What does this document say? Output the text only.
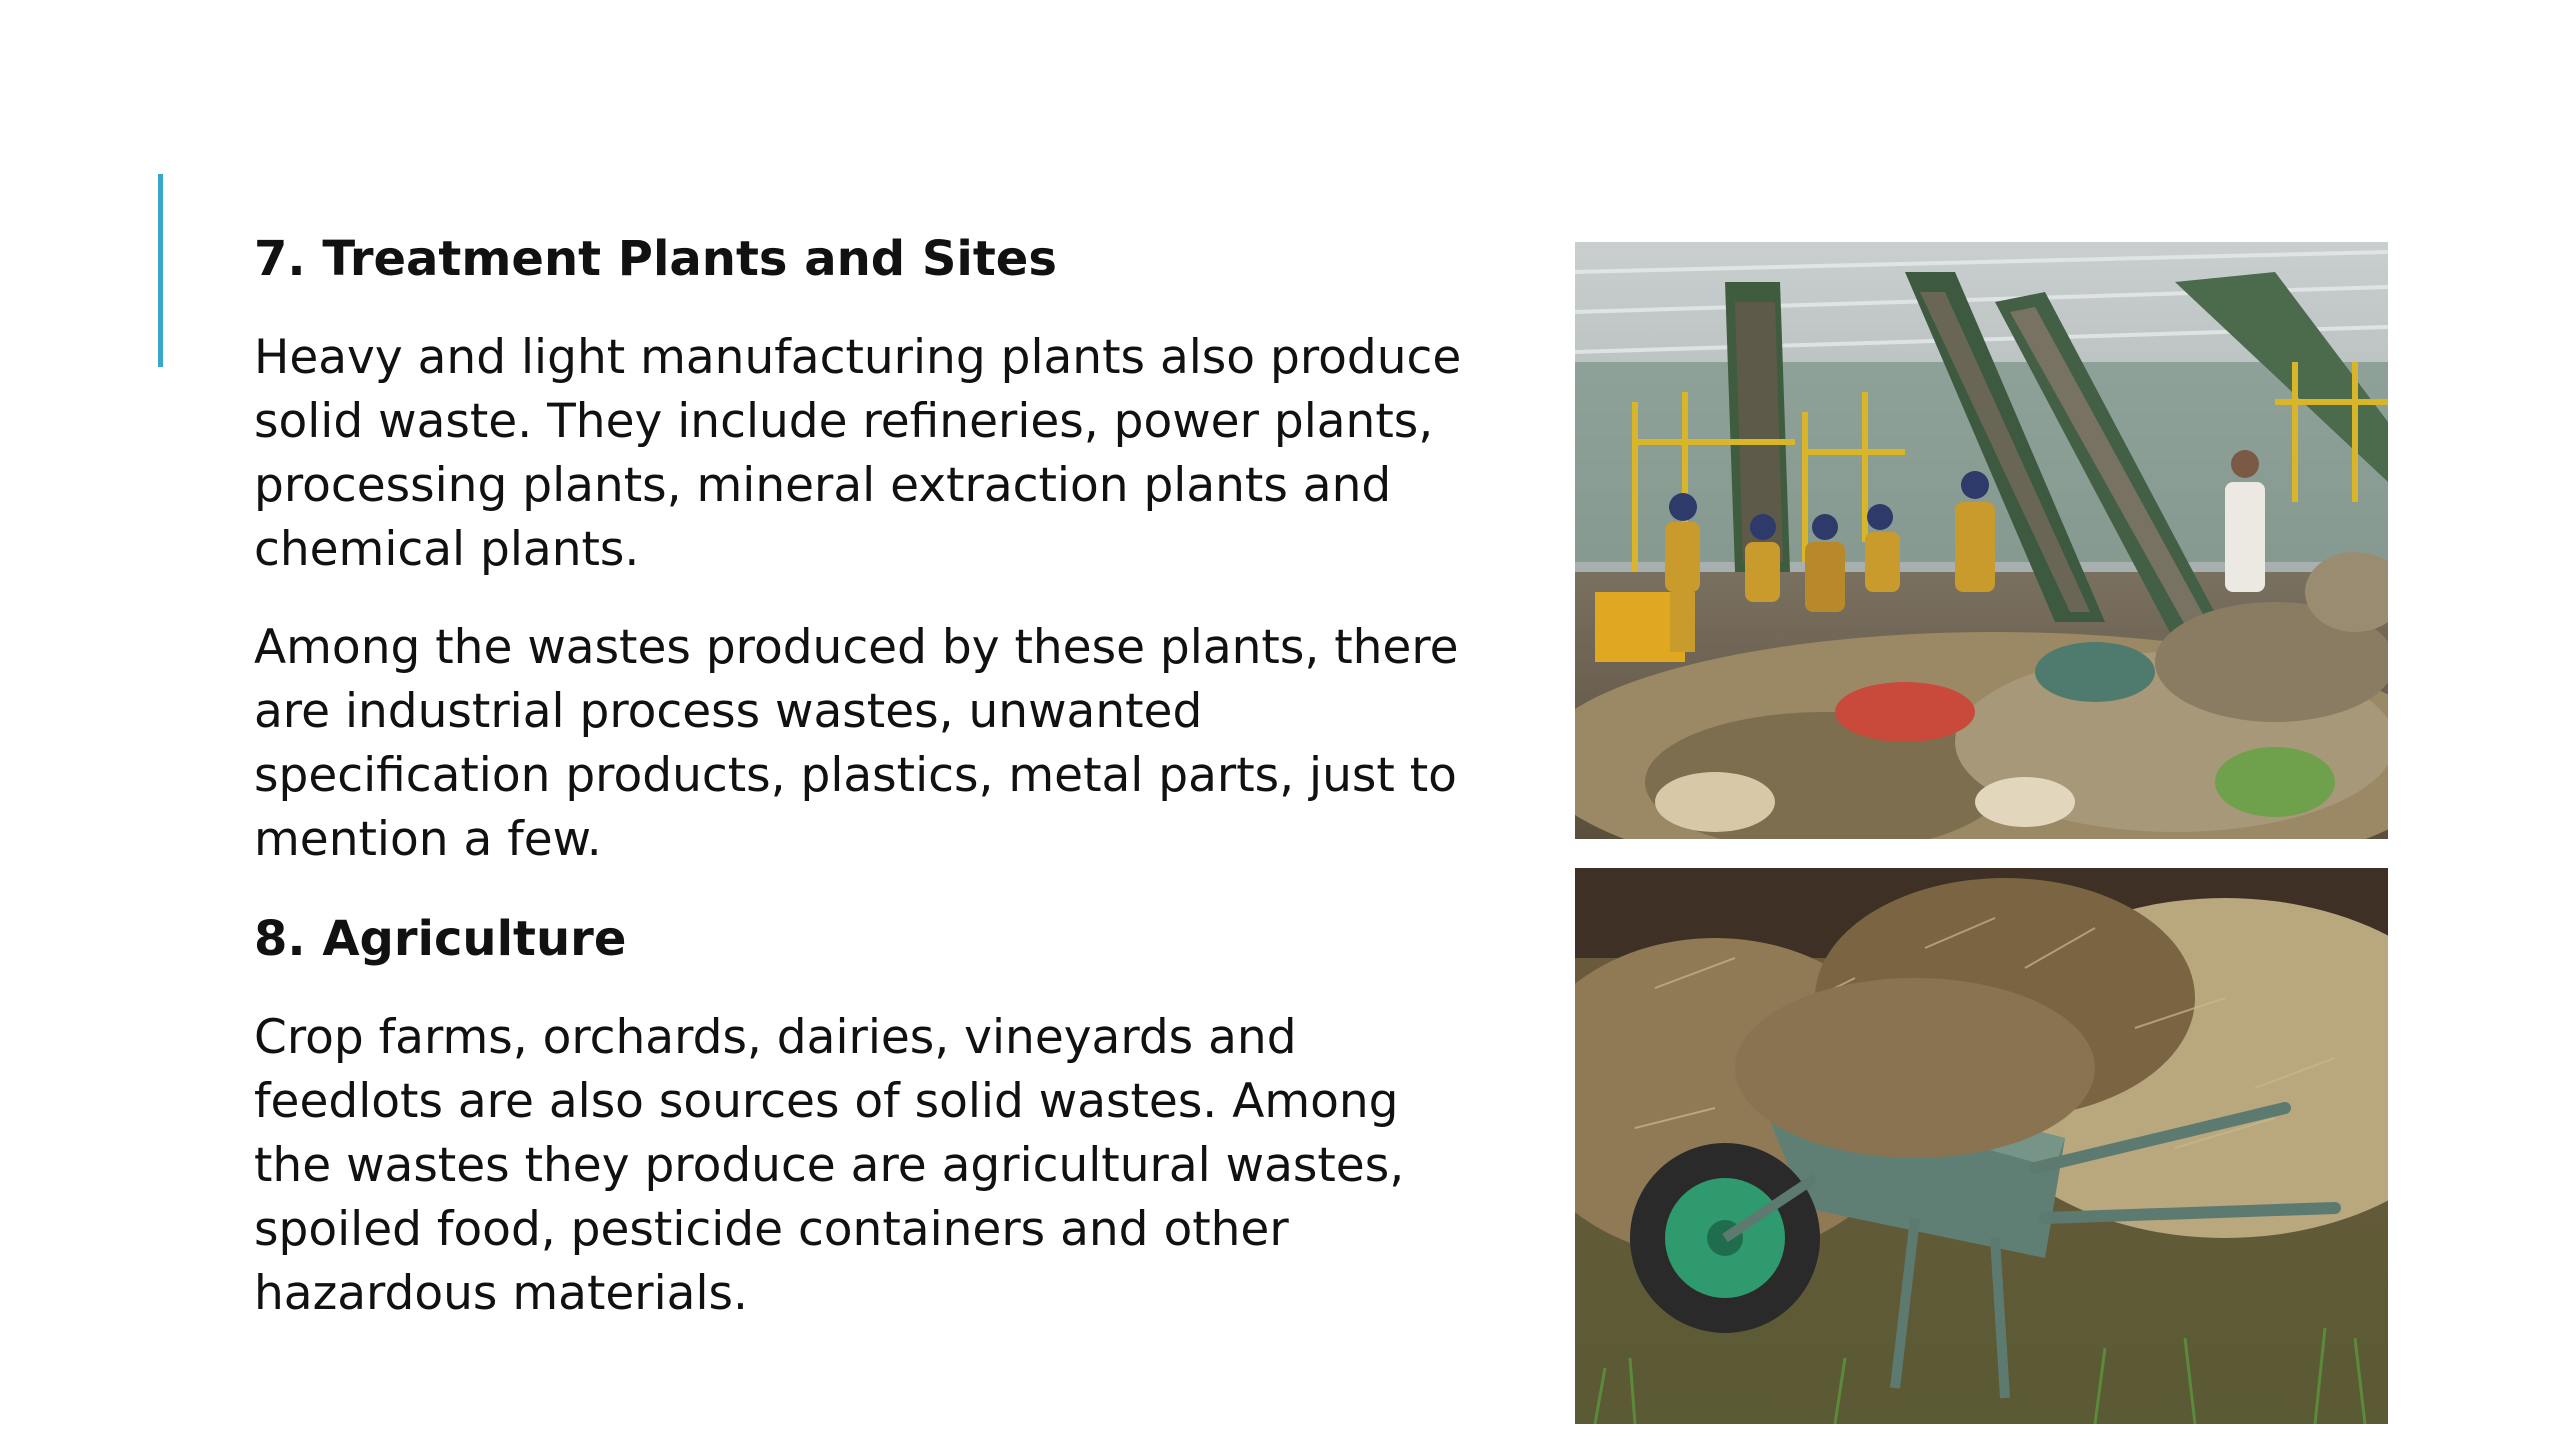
7. Treatment Plants and Sites
Heavy and light manufacturing plants also produce
solid waste. They include refineries, power plants,
processing plants, mineral extraction plants and
chemical plants.
Among the wastes produced by these plants, there
are industrial process wastes, unwanted
specification products, plastics, metal parts, just to
mention a few.
8. Agriculture
Crop farms, orchards, dairies, vineyards and
feedlots are also sources of solid wastes. Among
the wastes they produce are agricultural wastes,
spoiled food, pesticide containers and other
hazardous materials.
